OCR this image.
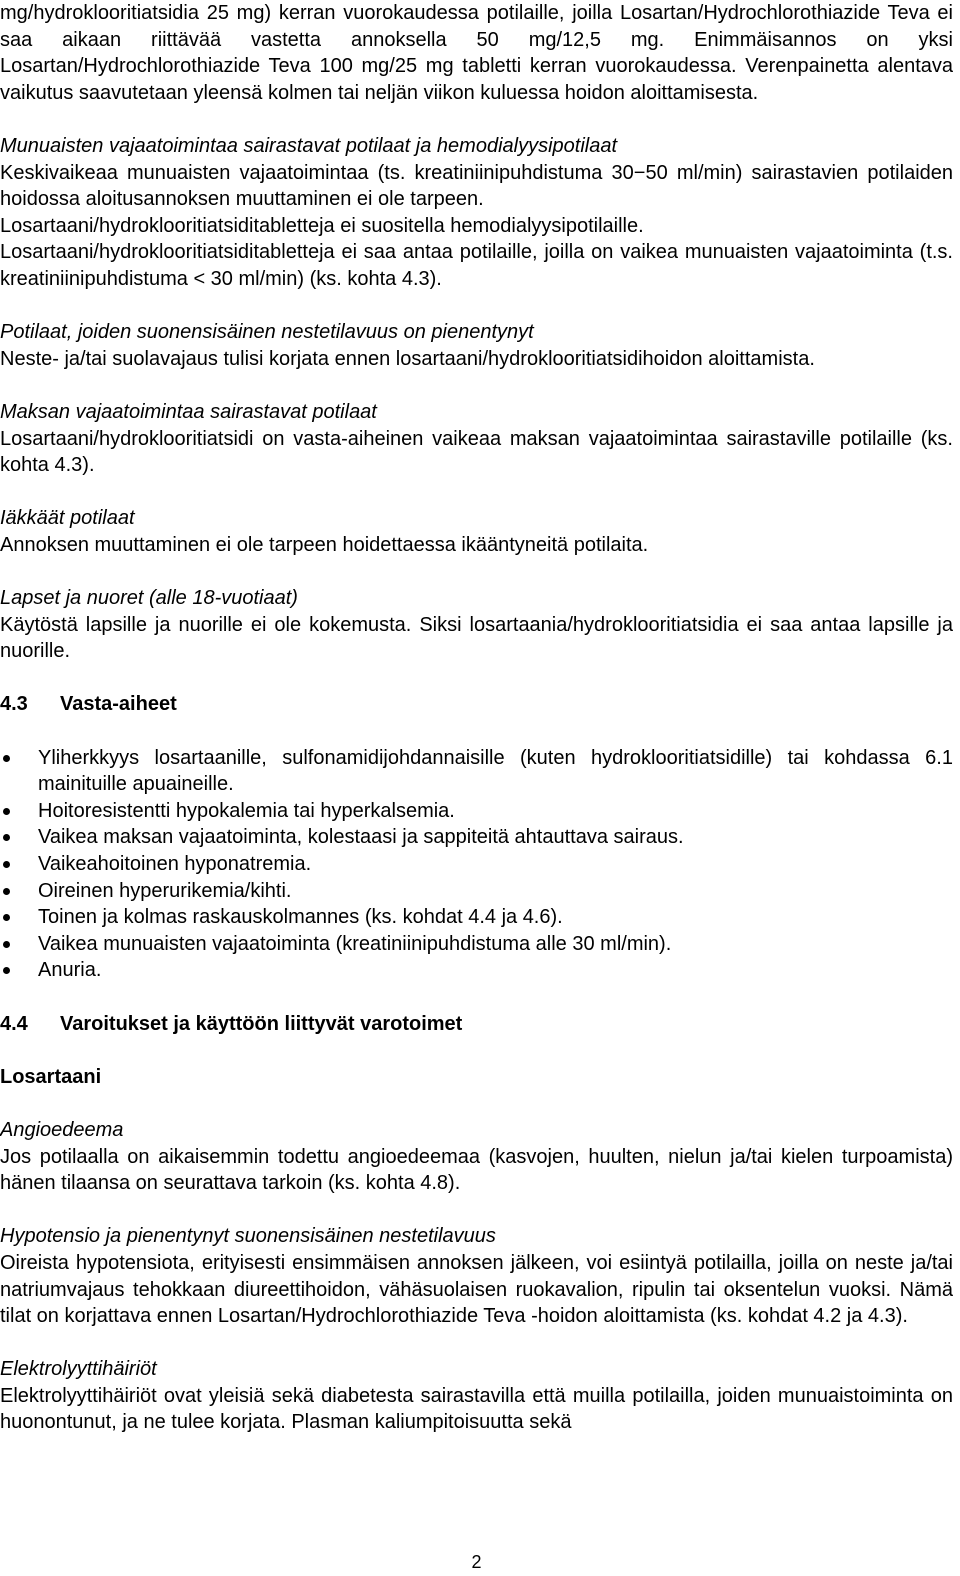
mg/hydroklooritiatsidia 25 mg) kerran vuorokaudessa potilaille, joilla Losartan/Hydrochlorothiazide Teva ei saa aikaan riittävää vastetta annoksella 50 mg/12,5 mg. Enimmäisannos on yksi Losartan/Hydrochlorothiazide Teva 100 mg/25 mg tabletti kerran vuorokaudessa. Verenpainetta alentava vaikutus saavutetaan yleensä kolmen tai neljän viikon kuluessa hoidon aloittamisesta.

Munuaisten vajaatoimintaa sairastavat potilaat ja hemodialyysipotilaat

Keskivaikeaa munuaisten vajaatoimintaa (ts. kreatiniinipuhdistuma 30−50 ml/min) sairastavien potilaiden hoidossa aloitusannoksen muuttaminen ei ole tarpeen.

Losartaani/hydroklooritiatsiditabletteja ei suositella hemodialyysipotilaille.

Losartaani/hydroklooritiatsiditabletteja ei saa antaa potilaille, joilla on vaikea munuaisten vajaatoiminta (t.s. kreatiniinipuhdistuma < 30 ml/min) (ks. kohta 4.3).

Potilaat, joiden suonensisäinen nestetilavuus on pienentynyt

Neste- ja/tai suolavajaus tulisi korjata ennen losartaani/hydroklooritiatsidihoidon aloittamista.

Maksan vajaatoimintaa sairastavat potilaat

Losartaani/hydroklooritiatsidi on vasta-aiheinen vaikeaa maksan vajaatoimintaa sairastaville potilaille (ks. kohta 4.3).

Iäkkäät potilaat

Annoksen muuttaminen ei ole tarpeen hoidettaessa ikääntyneitä potilaita.

Lapset ja nuoret (alle 18-vuotiaat)

Käytöstä lapsille ja nuorille ei ole kokemusta. Siksi losartaania/hydroklooritiatsidia ei saa antaa lapsille ja nuorille.

4.3 Vasta-aiheet

Yliherkkyys losartaanille, sulfonamidijohdannaisille (kuten hydroklooritiatsidille) tai kohdassa 6.1 mainituille apuaineille.
Hoitoresistentti hypokalemia tai hyperkalsemia.
Vaikea maksan vajaatoiminta, kolestaasi ja sappiteitä ahtauttava sairaus.
Vaikeahoitoinen hyponatremia.
Oireinen hyperurikemia/kihti.
Toinen ja kolmas raskauskolmannes (ks. kohdat 4.4 ja 4.6).
Vaikea munuaisten vajaatoiminta (kreatiniinipuhdistuma alle 30 ml/min).
Anuria.

4.4 Varoitukset ja käyttöön liittyvät varotoimet

Losartaani

Angioedeema

Jos potilaalla on aikaisemmin todettu angioedeemaa (kasvojen, huulten, nielun ja/tai kielen turpoamista) hänen tilaansa on seurattava tarkoin (ks. kohta 4.8).

Hypotensio ja pienentynyt suonensisäinen nestetilavuus

Oireista hypotensiota, erityisesti ensimmäisen annoksen jälkeen, voi esiintyä potilailla, joilla on neste ja/tai natriumvajaus tehokkaan diureettihoidon, vähäsuolaisen ruokavalion, ripulin tai oksentelun vuoksi. Nämä tilat on korjattava ennen Losartan/Hydrochlorothiazide Teva -hoidon aloittamista (ks. kohdat 4.2 ja 4.3).

Elektrolyyttihäiriöt

Elektrolyyttihäiriöt ovat yleisiä sekä diabetesta sairastavilla että muilla potilailla, joiden munuaistoiminta on huonontunut, ja ne tulee korjata. Plasman kaliumpitoisuutta sekä

2
